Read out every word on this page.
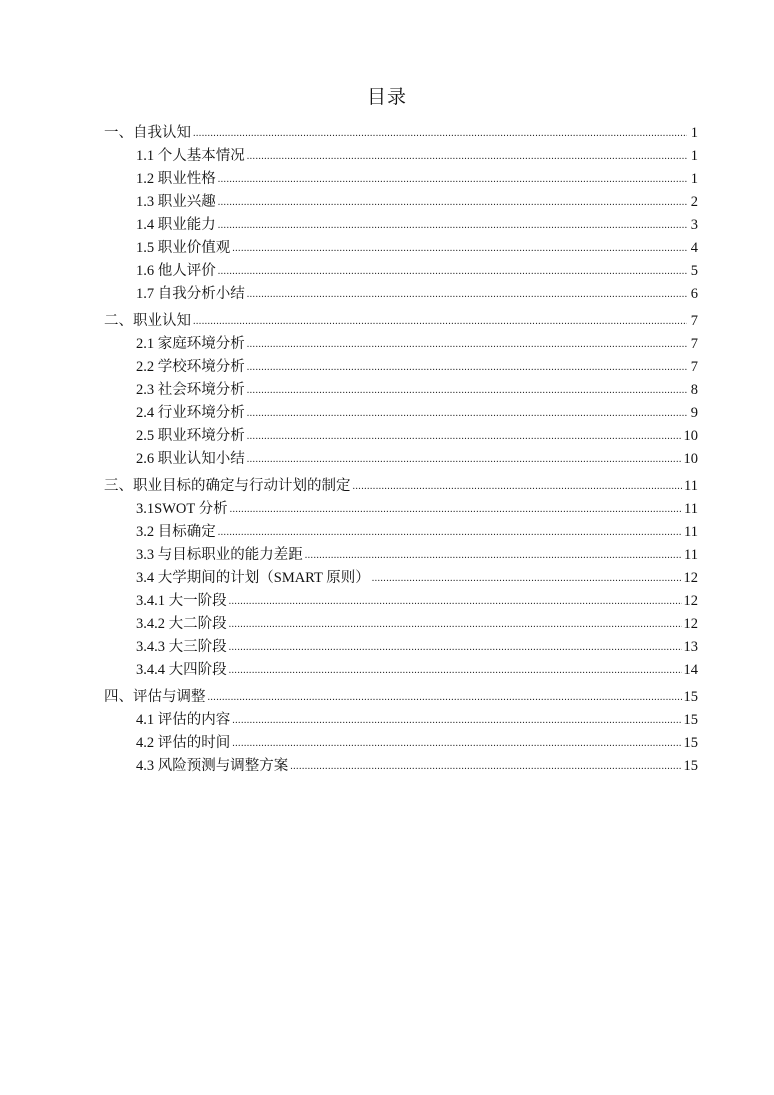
目录
一、自我认知 .....	1
1.1 个人基本情况 .....	1
1.2 职业性格 .....	1
1.3 职业兴趣 .....	2
1.4 职业能力 .....	3
1.5 职业价值观 .....	4
1.6 他人评价 .....	5
1.7 自我分析小结 .....	6
二、职业认知 .....	7
2.1 家庭环境分析 .....	7
2.2 学校环境分析 .....	7
2.3 社会环境分析 .....	8
2.4 行业环境分析 .....	9
2.5 职业环境分析 .....	10
2.6 职业认知小结 .....	10
三、职业目标的确定与行动计划的制定 .....	11
3.1SWOT 分析 .....	11
3.2 目标确定 .....	11
3.3 与目标职业的能力差距 .....	11
3.4 大学期间的计划（SMART 原则） .....	12
3.4.1 大一阶段 .....	12
3.4.2 大二阶段 .....	12
3.4.3 大三阶段 .....	13
3.4.4 大四阶段 .....	14
四、评估与调整 .....	15
4.1 评估的内容 .....	15
4.2 评估的时间 .....	15
4.3 风险预测与调整方案 .....	15
